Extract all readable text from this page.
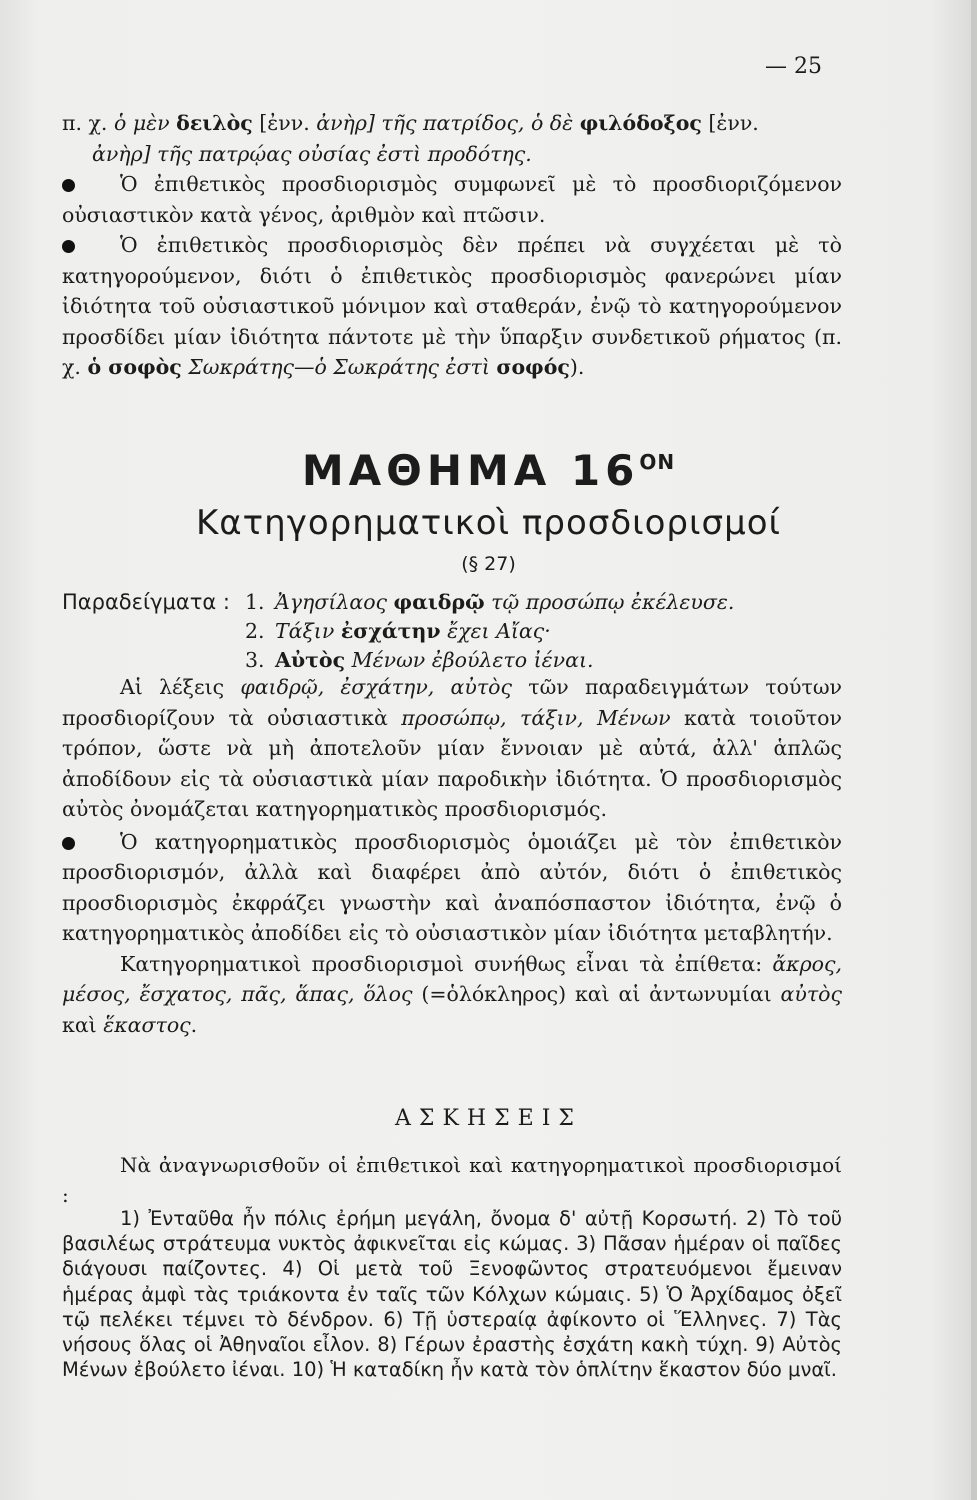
— 25

π. χ. ὁ μὲν δειλὸς [ἐνν. ἀνὴρ] τῆς πατρίδος, ὁ δὲ φιλόδοξος [ἐνν.

ἀνὴρ] τῆς πατρῴας οὐσίας ἐστὶ προδότης.

Ὁ ἐπιθετικὸς προσδιορισμὸς συμφωνεῖ μὲ τὸ προσδιοριζόμενον οὐσιαστικὸν κατὰ γένος, ἀριθμὸν καὶ πτῶσιν.

Ὁ ἐπιθετικὸς προσδιορισμὸς δὲν πρέπει νὰ συγχέεται μὲ τὸ κατηγορούμενον, διότι ὁ ἐπιθετικὸς προσδιορισμὸς φανερώνει μίαν ἰδιότητα τοῦ οὐσιαστικοῦ μόνιμον καὶ σταθεράν, ἐνῷ τὸ κατηγορούμενον προσδίδει μίαν ἰδιότητα πάντοτε μὲ τὴν ὕπαρξιν συνδετικοῦ ρήματος (π. χ. ὁ σοφὸς Σωκράτης—ὁ Σωκράτης ἐστὶ σοφός).

ΜΑΘΗΜΑ $16^{ON}$
Κατηγορηματικοὶ προσδιορισμοί
(§ 27)
Παραδείγματα : 1. Ἀγησίλαος φαιδρῷ τῷ προσώπῳ ἐκέλευσε.
2. Τάξιν ἐσχάτην ἔχει Αἴας·
3. Αὐτὸς Μένων ἐβούλετο ἰέναι.

Αἱ λέξεις φαιδρῷ, ἐσχάτην, αὐτὸς τῶν παραδειγμάτων τούτων προσδιορίζουν τὰ οὐσιαστικὰ προσώπῳ, τάξιν, Μένων κατὰ τοιοῦτον τρόπον, ὥστε νὰ μὴ ἀποτελοῦν μίαν ἔννοιαν μὲ αὐτά, ἀλλ' ἁπλῶς ἀποδίδουν εἰς τὰ οὐσιαστικὰ μίαν παροδικὴν ἰδιότητα. Ὁ προσδιορισμὸς αὐτὸς ὀνομάζεται κατηγορηματικὸς προσδιορισμός.

Ὁ κατηγορηματικὸς προσδιορισμὸς ὁμοιάζει μὲ τὸν ἐπιθετικὸν προσδιορισμόν, ἀλλὰ καὶ διαφέρει ἀπὸ αὐτόν, διότι ὁ ἐπιθετικὸς προσδιορισμὸς ἐκφράζει γνωστὴν καὶ ἀναπόσπαστον ἰδιότητα, ἐνῷ ὁ κατηγορηματικὸς ἀποδίδει εἰς τὸ οὐσιαστικὸν μίαν ἰδιότητα μεταβλητήν.

Κατηγορηματικοὶ προσδιορισμοὶ συνήθως εἶναι τὰ ἐπίθετα: ἄκρος, μέσος, ἔσχατος, πᾶς, ἅπας, ὅλος (=ὁλόκληρος) καὶ αἱ ἀντωνυμίαι αὐτὸς καὶ ἕκαστος.

ΑΣΚΗΣΕΙΣ
Νὰ ἀναγνωρισθοῦν οἱ ἐπιθετικοὶ καὶ κατηγορηματικοὶ προσδιορισμοί :

1) Ἐνταῦθα ἦν πόλις ἐρήμη μεγάλη, ὄνομα δ' αὐτῇ Κορσωτή. 2) Τὸ τοῦ βασιλέως στράτευμα νυκτὸς ἀφικνεῖται εἰς κώμας. 3) Πᾶσαν ἡμέραν οἱ παῖδες διάγουσι παίζοντες. 4) Οἱ μετὰ τοῦ Ξενοφῶντος στρατευόμενοι ἔμειναν ἡμέρας ἀμφὶ τὰς τριάκοντα ἐν ταῖς τῶν Κόλχων κώμαις. 5) Ὁ Ἀρχίδαμος ὀξεῖ τῷ πελέκει τέμνει τὸ δένδρον. 6) Τῇ ὑστεραίᾳ ἀφίκοντο οἱ Ἕλληνες. 7) Τὰς νήσους ὅλας οἱ Ἀθηναῖοι εἶλον. 8) Γέρων ἐραστὴς ἐσχάτη κακὴ τύχη. 9) Αὐτὸς Μένων ἐβούλετο ἰέναι. 10) Ἡ καταδίκη ἦν κατὰ τὸν ὁπλίτην ἕκαστον δύο μναῖ.
